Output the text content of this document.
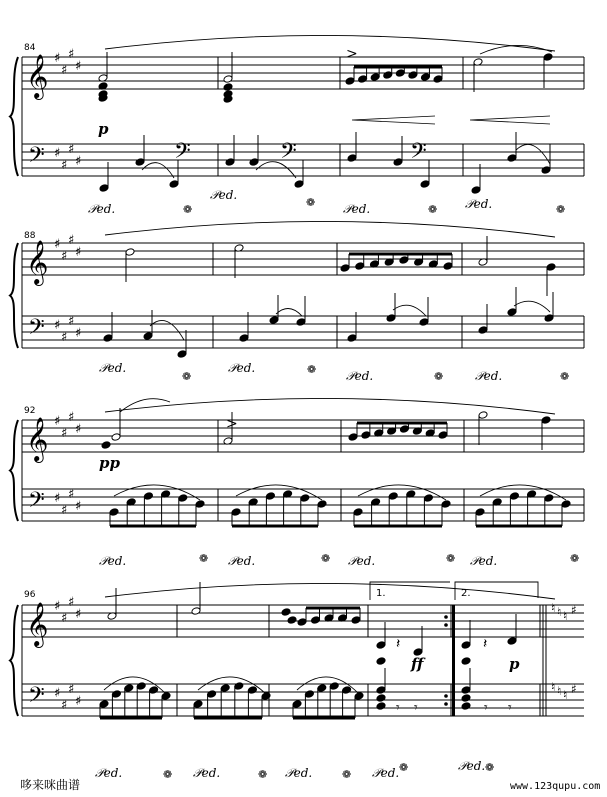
𝄞
𝄢
♯
♯
♯
♯
♯
♯
♯
♯
𝄞
𝄢
♯
♯
♯
♯
♯
♯
♯
♯
𝄞
𝄢
♯
♯
♯
♯
♯
♯
♯
♯
𝄞
𝄢
♯
♯
♯
♯
♯
♯
♯
♯
>
𝄢
𝄢
𝄢
>
𝄽	𝄽
𝄾 𝄾	𝄾 𝄾
♮
♮
♮
♮
♮
♮
♯
♯
84
88
92
96
p
pp
ff	p
1.	2.
𝒫ed.
𝒫ed.
𝒫ed.	𝒫ed.
❁
❁
❁	❁
𝒫ed.	𝒫ed.
𝒫ed.	𝒫ed.
❁
❁
❁	❁
𝒫ed.	𝒫ed.	𝒫ed.	𝒫ed.
❁	❁	❁	❁
𝒫ed.	𝒫ed.	𝒫ed.	𝒫ed.	𝒫ed.
❁	❁	❁
❁	❁
哆来咪曲谱	www.123qupu.com
